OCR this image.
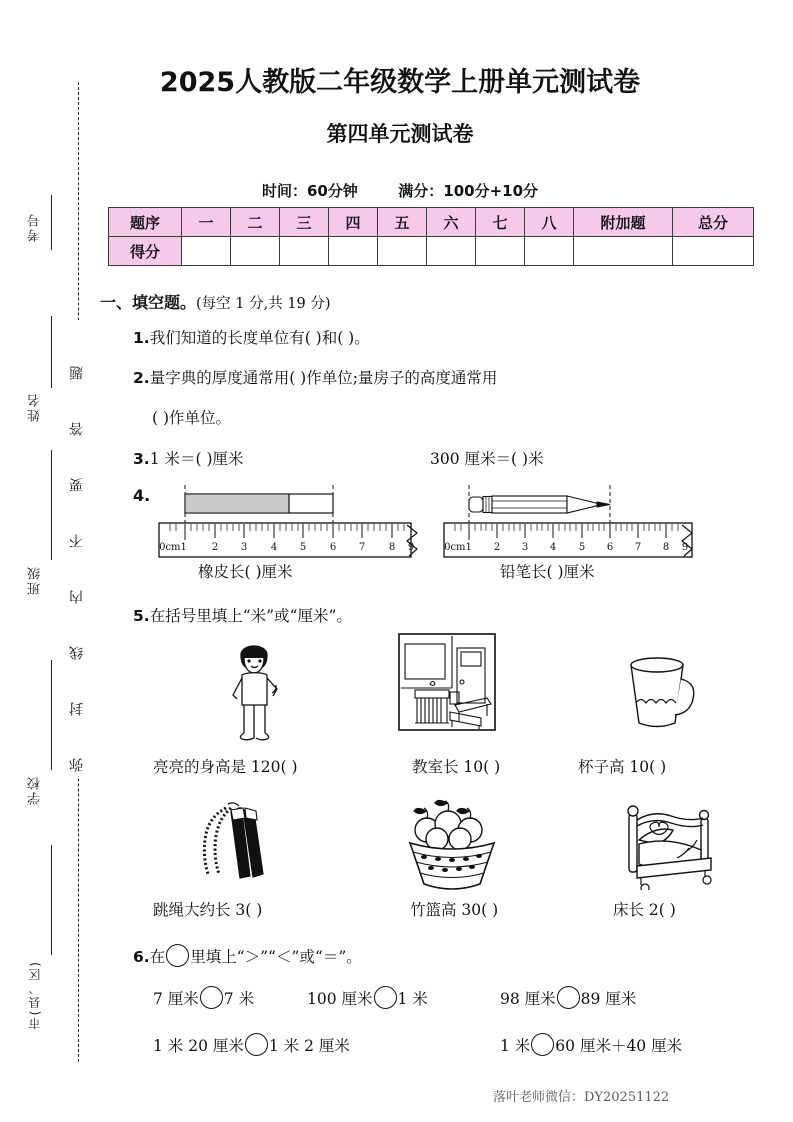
考号
姓名
班级
学校
市(县、区)
弥封线内不要答题
2025人教版二年级数学上册单元测试卷
第四单元测试卷
时间：60分钟	满分：100分+10分
题序	一	二	三	四	五	六	七	八	附加题	总分
得分										
一、填空题。(每空 1 分,共 19 分)
1.我们知道的长度单位有( )和( )。
2.量字典的厚度通常用( )作单位;量房子的高度通常用
( )作单位。
3.1 米＝( )厘米	300 厘米＝( )米
4.
0cm1 2 3 4 5 6 7 8 9	0cm1 2 3 4 5 6 7 8 9
橡皮长( )厘米	铅笔长( )厘米
5.在括号里填上“米”或“厘米”。
亮亮的身高是 120( )	教室长 10( )	杯子高 10( )
跳绳大约长 3( )	竹篮高 30( )	床长 2( )
6.在 里填上“＞”“＜”或“＝”。
7 厘米 7 米	100 厘米 1 米	98 厘米 89 厘米
1 米 20 厘米 1 米 2 厘米	1 米 60 厘米＋40 厘米
落叶老师微信：DY20251122
